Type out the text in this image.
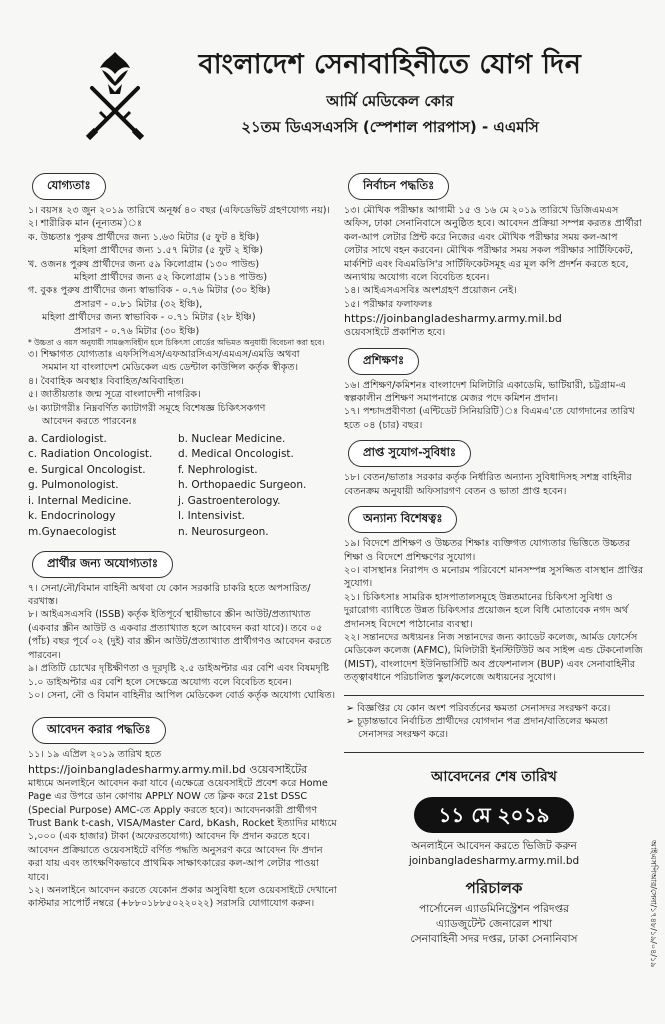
বাংলাদেশ সেনাবাহিনীতে যোগ দিন
আর্মি মেডিকেল কোর
২১তম ডিএসএসসি (স্পেশাল পারপাস) - এএমসি
যোগ্যতাঃ

১। বয়সঃ ২৩ জুন ২০১৯ তারিখে অনূর্ধ্ব ৪০ বছর (এফিডেভিট গ্রহণযোগ্য নয়)।

২। শারীরিক মান (নূন্যতম)ঃ

ক. উচ্চতাঃ পুরুষ প্রার্থীদের জন্য ১.৬৩ মিটার (৫ ফুট ৪ ইঞ্চি)

মহিলা প্রার্থীদের জন্য ১.৫৭ মিটার (৫ ফুট ২ ইঞ্চি)

খ. ওজনঃ পুরুষ প্রার্থীদের জন্য ৫৯ কিলোগ্রাম (১৩০ পাউন্ড)

মহিলা প্রার্থীদের জন্য ৫২ কিলোগ্রাম (১১৪ পাউন্ড)

গ. বুকঃ পুরুষ প্রার্থীদের জন্য স্বাভাবিক - ০.৭৬ মিটার (৩০ ইঞ্চি)

প্রসারণ - ০.৮১ মিটার (৩২ ইঞ্চি),

মহিলা প্রার্থীদের জন্য স্বাভাবিক - ০.৭১ মিটার (২৮ ইঞ্চি)

প্রসারণ - ০.৭৬ মিটার (৩০ ইঞ্চি)

* উচ্চতা ও বয়স অনুযায়ী সামঞ্জস্যবিহীন হলে চিকিৎসা বোর্ডের অভিমত অনুযায়ী বিবেচনা করা হবে।

৩। শিক্ষাগত যোগ্যতাঃ এফসিপিএস/এফআরসিএস/এমএস/এমডি অথবা

সমমান যা বাংলাদেশ মেডিকেল এন্ড ডেন্টাল কাউন্সিল কর্তৃক স্বীকৃত।

৪। বৈবাহিক অবস্থাঃ বিবাহিত/অবিবাহিত।

৫। জাতীয়তাঃ জন্ম সূত্রে বাংলাদেশী নাগরিক।

৬। ক্যাটাগরীঃ নিম্নবর্ণিত ক্যাটাগরী সমূহে বিশেষজ্ঞ চিকিৎসকগণ

আবেদন করতে পারবেনঃ

a. Cardiologist.	b. Nuclear Medicine.
c. Radiation Oncologist.	d. Medical Oncologist.
e. Surgical Oncologist.	f. Nephrologist.
g. Pulmonologist.	h. Orthopaedic Surgeon.
i. Internal Medicine.	j. Gastroenterology.
k. Endocrinology	l. Intensivist.
m.Gynaecologist	n. Neurosurgeon.
প্রার্থীর জন্য অযোগ্যতাঃ

৭। সেনা/নৌ/বিমান বাহিনী অথবা যে কোন সরকারি চাকরি হতে অপসারিত/বরখাস্ত।

৮। আইএসএসবি (ISSB) কর্তৃক ইতিপূর্বে স্থায়ীভাবে স্ক্রীন আউট/প্রত্যাখ্যাত (একবার স্ক্রীন আউট ও একবার প্রত্যাখ্যাত হলে আবেদন করা যাবে)। তবে ০৫ (পাঁচ) বছর পূর্বে ০২ (দুই) বার স্ক্রীন আউট/প্রত্যাখ্যাত প্রার্থীগণও আবেদন করতে পারবেন।

৯। প্রতিটি চোখের দৃষ্টিক্ষীণতা ও দূরদৃষ্টি ২.৫ ডাইঅপ্টার এর বেশি এবং বিষমদৃষ্টি ১.০ ডাইঅপ্টার এর বেশি হলে সেক্ষেত্রে অযোগ্য বলে বিবেচিত হবেন।

১০। সেনা, নৌ ও বিমান বাহিনীর আপিল মেডিকেল বোর্ড কর্তৃক অযোগ্য ঘোষিত।

আবেদন করার পদ্ধতিঃ

১১। ১৯ এপ্রিল ২০১৯ তারিখ হতে

https://joinbangladesharmy.army.mil.bd ওয়েবসাইটের

মাধ্যমে অনলাইনে আবেদন করা যাবে (এক্ষেত্রে ওয়েবসাইটে প্রবেশ করে Home Page এর উপরে ডান কোণায় APPLY NOW তে ক্লিক করে 21st DSSC (Special Purpose) AMC-তে Apply করতে হবে)। আবেদনকারী প্রার্থীগণ Trust Bank t-cash, VISA/Master Card, bKash, Rocket ইত্যাদির মাধ্যমে ১,০০০ (এক হাজার) টাকা (অফেরতযোগ্য) আবেদন ফি প্রদান করতে হবে। আবেদন প্রক্রিয়াতে ওয়েবসাইটে বর্ণিত পদ্ধতি অনুসরণ করে আবেদন ফি প্রদান করা যায় এবং তাৎক্ষণিকভাবে প্রাথমিক সাক্ষাৎকারের কল-আপ লেটার পাওয়া যাবে।

১২। অনলাইনে আবেদন করতে যেকোন প্রকার অসুবিধা হলে ওয়েবসাইটে দেখানো কাস্টমার সাপোর্ট নম্বরে (+৮৮০১৮৮৫০২২০২২) সরাসরি যোগাযোগ করুন।

নির্বাচন পদ্ধতিঃ

১৩। মৌখিক পরীক্ষাঃ আগামী ১৫ ও ১৬ মে ২০১৯ তারিখে ডিজিএমএস অফিস, ঢাকা সেনানিবাসে অনুষ্ঠিত হবে। আবেদন প্রক্রিয়া সম্পন্ন করতঃ প্রার্থীরা কল-আপ লেটার প্রিন্ট করে নিজের এবং মৌখিক পরীক্ষার সময় কল-আপ লেটার সাথে বহন করবেন। মৌখিক পরীক্ষার সময় সকল পরীক্ষার সার্টিফিকেট, মার্কশিট এবং বিএমডিসি'র সার্টিফিকেটসমূহ এর মূল কপি প্রদর্শন করতে হবে, অন্যথায় অযোগ্য বলে বিবেচিত হবেন।

১৪। আইএসএসবিঃ অংশগ্রহণ প্রয়োজন নেই।

১৫। পরীক্ষার ফলাফলঃ

https://joinbangladesharmy.army.mil.bd

ওয়েবসাইটে প্রকাশিত হবে।

প্রশিক্ষণঃ

১৬। প্রশিক্ষণ/কমিশনঃ বাংলাদেশ মিলিটারি একাডেমি, ভাটিয়ারী, চট্টগ্রাম-এ স্বল্পকালীন প্রশিক্ষণ সমাপনান্তে মেজর পদে কমিশন প্রদান।

১৭। পশ্চাদপ্রবীণতা (এন্টিডেট সিনিয়রিটি)ঃ বিএমএ'তে যোগদানের তারিখ হতে ০৪ (চার) বছর।

প্রাপ্ত সুযোগ-সুবিধাঃ

১৮। বেতন/ভাতাঃ সরকার কর্তৃক নির্ধারিত অন্যান্য সুবিধাদিসহ সশস্ত্র বাহিনীর বেতনক্রম অনুযায়ী অফিসারগণ বেতন ও ভাতা প্রাপ্ত হবেন।

অন্যান্য বিশেষত্বঃ

১৯। বিদেশে প্রশিক্ষণ ও উচ্চতর শিক্ষাঃ ব্যক্তিগত যোগ্যতার ভিত্তিতে উচ্চতর শিক্ষা ও বিদেশে প্রশিক্ষণের সুযোগ।

২০। বাসস্থানঃ নিরাপদ ও মনোরম পরিবেশে মানসম্পন্ন সুসজ্জিত বাসস্থান প্রাপ্তির সুযোগ।

২১। চিকিৎসাঃ সামরিক হাসপাতালসমূহে উন্নতমানের চিকিৎসা সুবিধা ও দুরারোগ্য ব্যাধিতে উন্নত চিকিৎসার প্রয়োজন হলে বিধি মোতাবেক নগদ অর্থ প্রদানসহ বিদেশে পাঠানোর ব্যবস্থা।

২২। সন্তানদের অধ্যয়নঃ নিজ সন্তানদের জন্য ক্যাডেট কলেজ, আর্মড ফোর্সেস মেডিকেল কলেজ (AFMC), মিলিটারী ইনস্টিটিউট অব সাইন্স এন্ড টেকনোলজি (MIST), বাংলাদেশ ইউনিভার্সিটি অব প্রফেশনালস (BUP) এবং সেনাবাহিনীর তত্ত্বাবধানে পরিচালিত স্কুল/কলেজে অধ্যয়নের সুযোগ।

➢ বিজ্ঞপ্তির যে কোন অংশ পরিবর্তনের ক্ষমতা সেনাসদর সংরক্ষণ করে।

➢ চূড়ান্তভাবে নির্বাচিত প্রার্থীদের যোগদান পত্র প্রদান/বাতিলের ক্ষমতা সেনাসদর সংরক্ষণ করে।

আবেদনের শেষ তারিখ
১১ মে ২০১৯
অনলাইনে আবেদন করতে ভিজিট করুন
joinbangladesharmy.army.mil.bd
পরিচালক
পার্সোনেল এ্যাডমিনিস্ট্রেশন পরিদপ্তর
এ্যাডজুটেন্ট জেনারেল শাখা
সেনাবাহিনী সদর দপ্তর, ঢাকা সেনানিবাস	আইএসপিআর/সেনা/১৭৪৮/১৯/০৪/১৯
